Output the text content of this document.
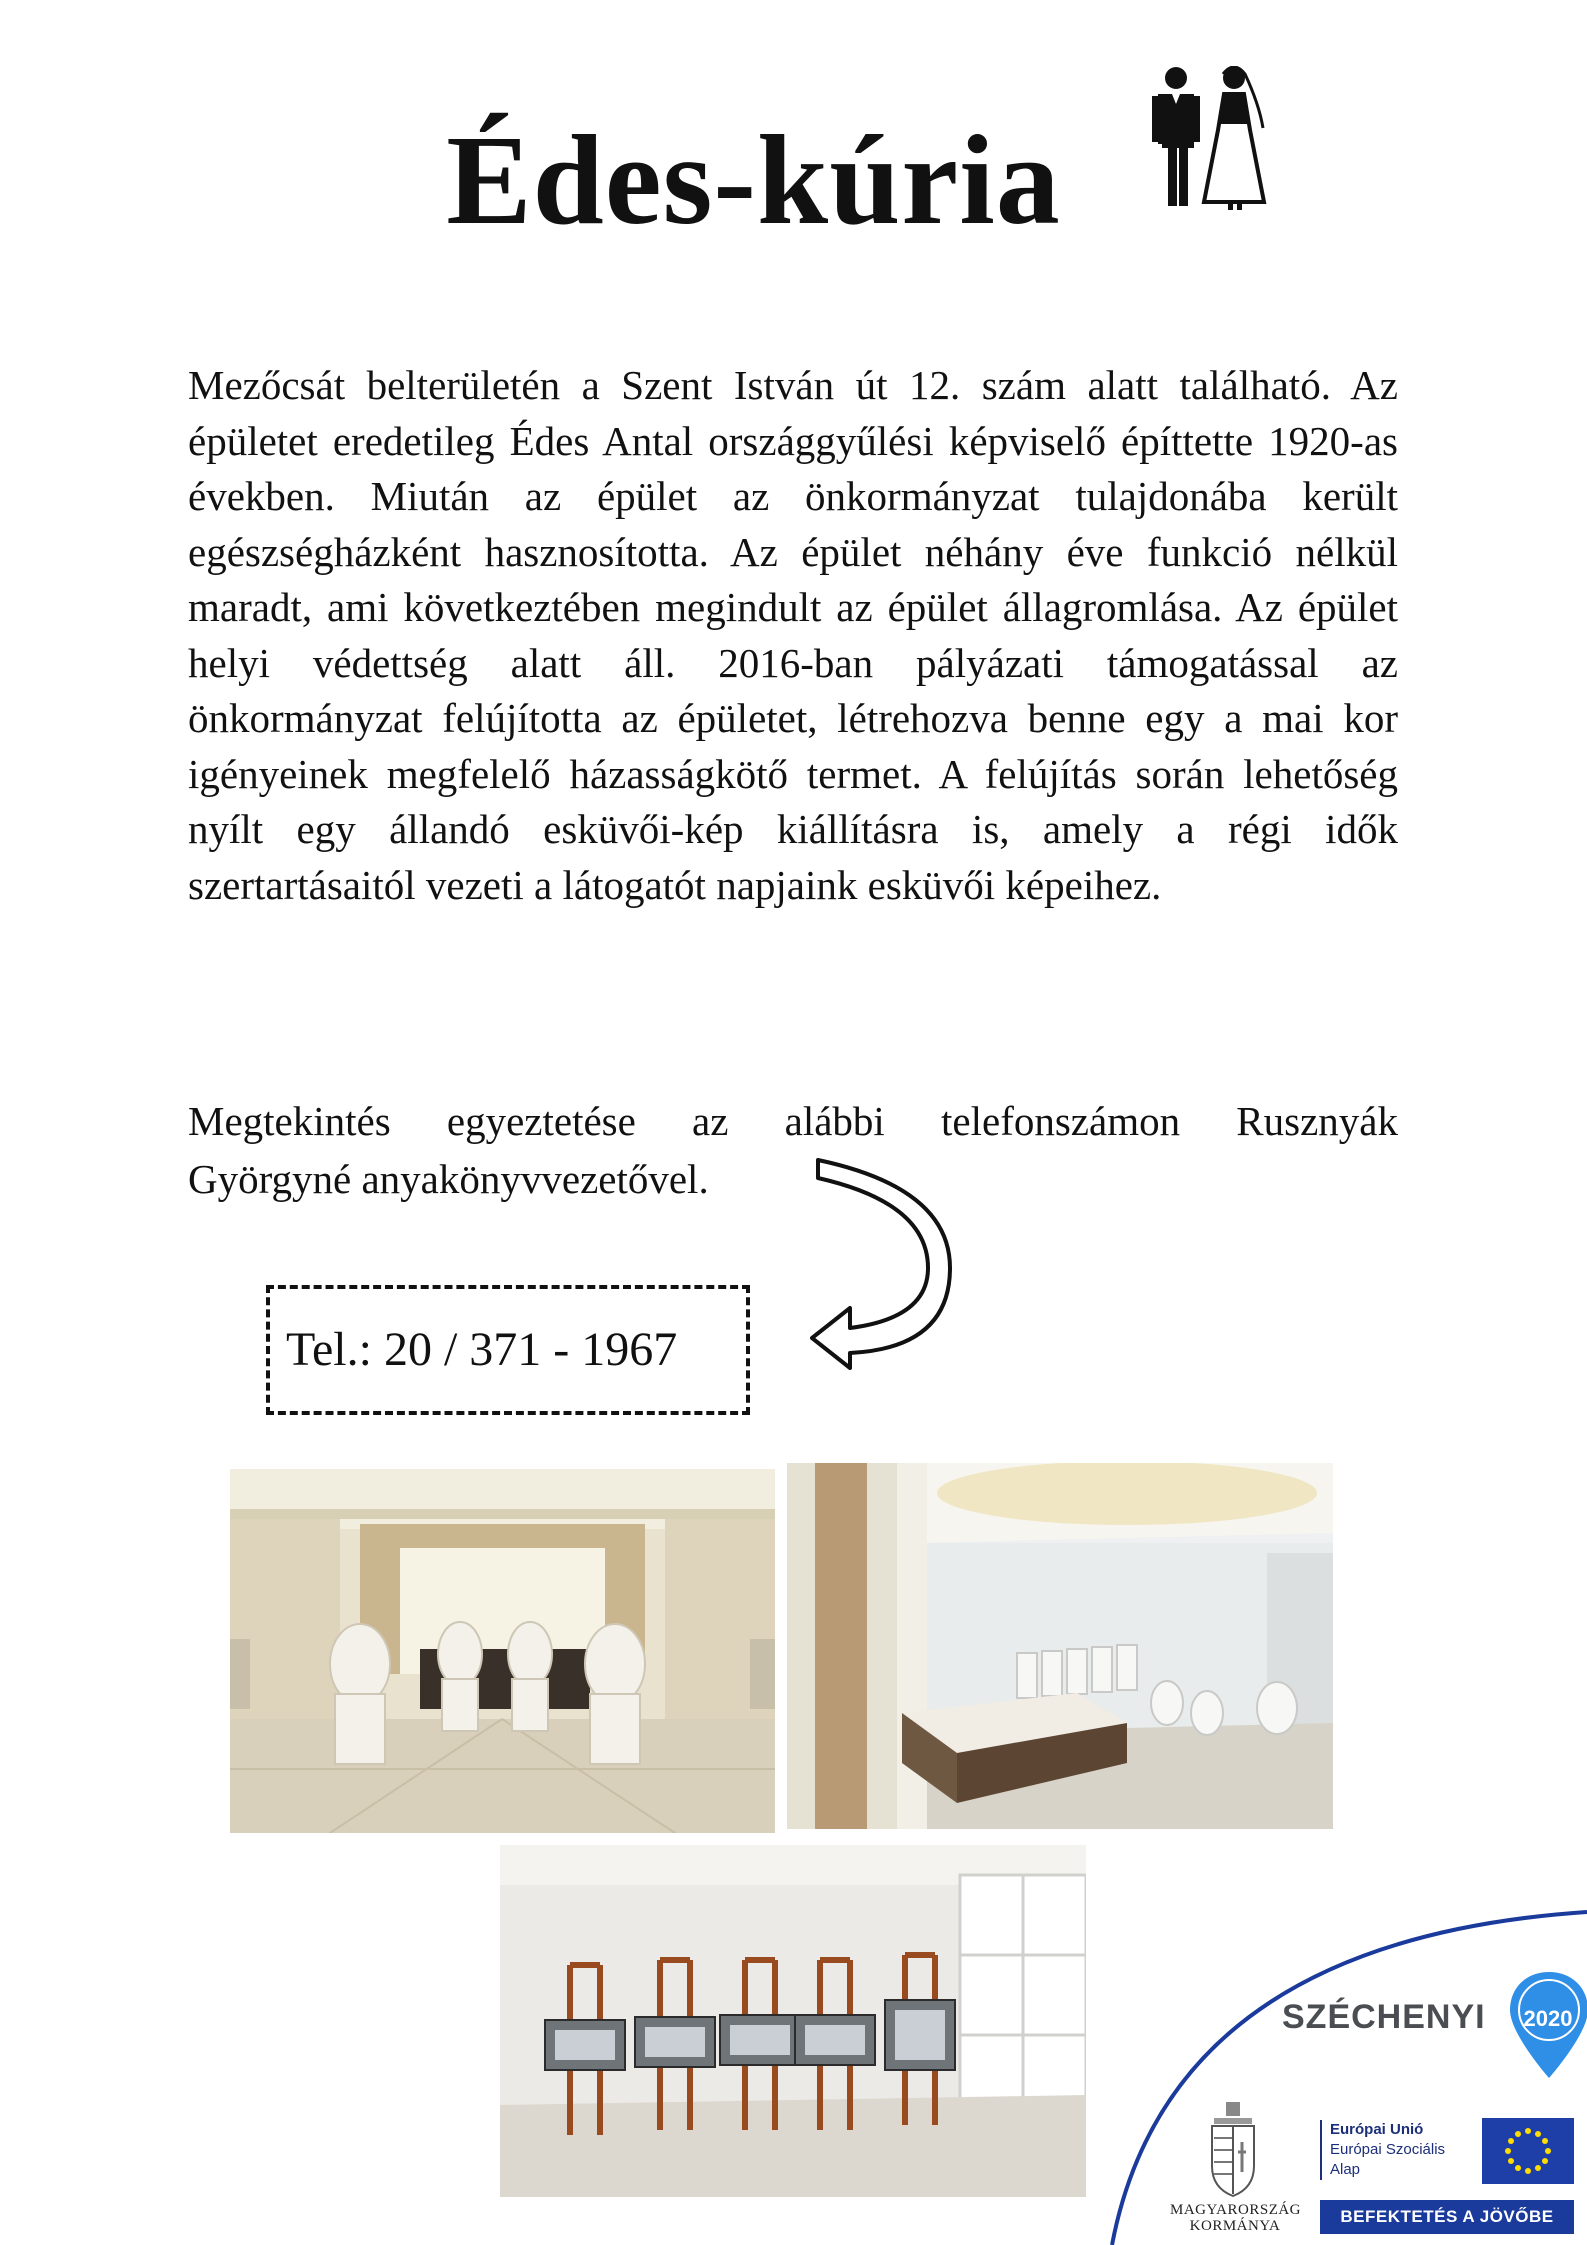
Édes-kúria

Mezőcsát belterületén a Szent István út 12. szám alatt található. Az épületet eredetileg Édes Antal országgyűlési képviselő építtette 1920-as években. Miután az épület az önkormányzat tulajdonába került egészségházként hasznosította. Az épület néhány éve funkció nélkül maradt, ami következtében megindult az épület állagromlása. Az épület helyi védettség alatt áll. 2016-ban pályázati támogatással az önkormányzat felújította az épületet, létrehozva benne egy a mai kor igényeinek megfelelő házasságkötő termet. A felújítás során lehetőség nyílt egy állandó esküvői-kép kiállításra is, amely a régi idők szertartásaitól vezeti a látogatót napjaink esküvői képeihez.

Megtekintés egyeztetése az alábbi telefonszámon Rusznyák
Györgyné anyakönyvvezetővel.
Tel.: 20 / 371 - 1967
SZÉCHENYI	2020
MAGYARORSZÁG
KORMÁNYA
Európai Unió
Európai Szociális
Alap
BEFEKTETÉS A JÖVŐBE
